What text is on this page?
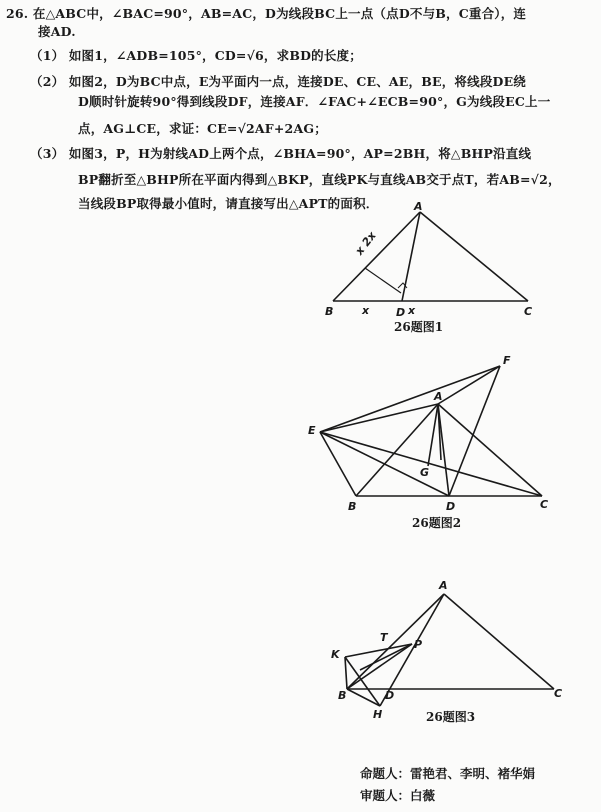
26. 在△ABC中，∠BAC=90°，AB=AC，D为线段BC上一点（点D不与B，C重合），连
接AD.
（1） 如图1，∠ADB=105°，CD=√6，求BD的长度；
（2） 如图2，D为BC中点，E为平面内一点，连接DE、CE、AE，BE，将线段DE绕
D顺时针旋转90°得到线段DF，连接AF．∠FAC+∠ECB=90°，G为线段EC上一
点，AG⊥CE，求证：CE=√2AF+2AG；
（3） 如图3，P，H为射线AD上两个点，∠BHA=90°，AP=2BH，将△BHP沿直线
BP翻折至△BHP所在平面内得到△BKP，直线PK与直线AB交于点T，若AB=√2，
当线段BP取得最小值时，请直接写出△APT的面积．	A
B	C
D
x	x
x 2x
A
B	C
D
E
F
G
A
B	C
D
H
K
P
T
26题图1
26题图2
26题图3
命题人：雷艳君、李明、褚华娟
审题人：白薇
